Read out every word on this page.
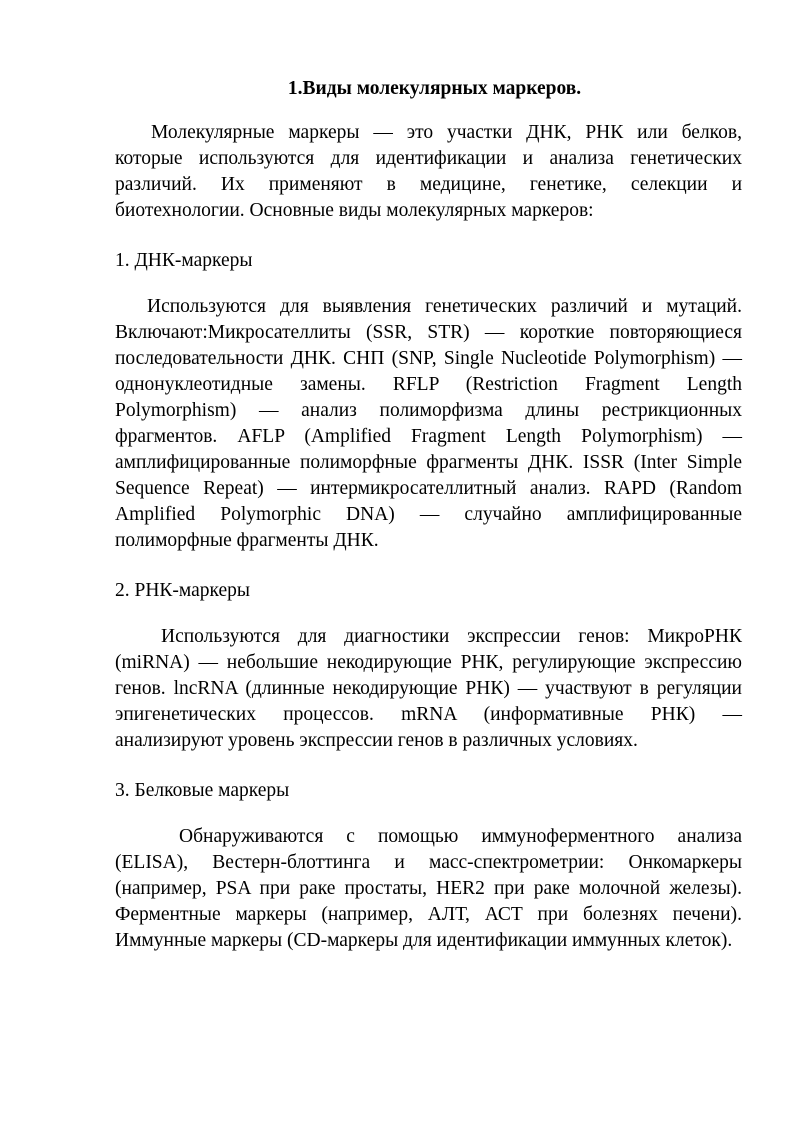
1.Виды молекулярных маркеров.

Молекулярные маркеры — это участки ДНК, РНК или белков, которые используются для идентификации и анализа генетических различий. Их применяют в медицине, генетике, селекции и биотехнологии. Основные виды молекулярных маркеров:

1. ДНК-маркеры

Используются для выявления генетических различий и мутаций. Включают:Микросателлиты (SSR, STR) — короткие повторяющиеся последовательности ДНК. СНП (SNP, Single Nucleotide Polymorphism) — однонуклеотидные замены. RFLP (Restriction Fragment Length Polymorphism) — анализ полиморфизма длины рестрикционных фрагментов. AFLP (Amplified Fragment Length Polymorphism) — амплифицированные полиморфные фрагменты ДНК. ISSR (Inter Simple Sequence Repeat) — интермикросателлитный анализ. RAPD (Random Amplified Polymorphic DNA) — случайно амплифицированные полиморфные фрагменты ДНК.

2. РНК-маркеры

Используются для диагностики экспрессии генов: МикроРНК (miRNA) — небольшие некодирующие РНК, регулирующие экспрессию генов. lncRNA (длинные некодирующие РНК) — участвуют в регуляции эпигенетических процессов. mRNA (информативные РНК) — анализируют уровень экспрессии генов в различных условиях.

3. Белковые маркеры

Обнаруживаются с помощью иммуноферментного анализа (ELISA), Вестерн-блоттинга и масс-спектрометрии: Онкомаркеры (например, PSA при раке простаты, HER2 при раке молочной железы). Ферментные маркеры (например, АЛТ, АСТ при болезнях печени). Иммунные маркеры (CD-маркеры для идентификации иммунных клеток).
